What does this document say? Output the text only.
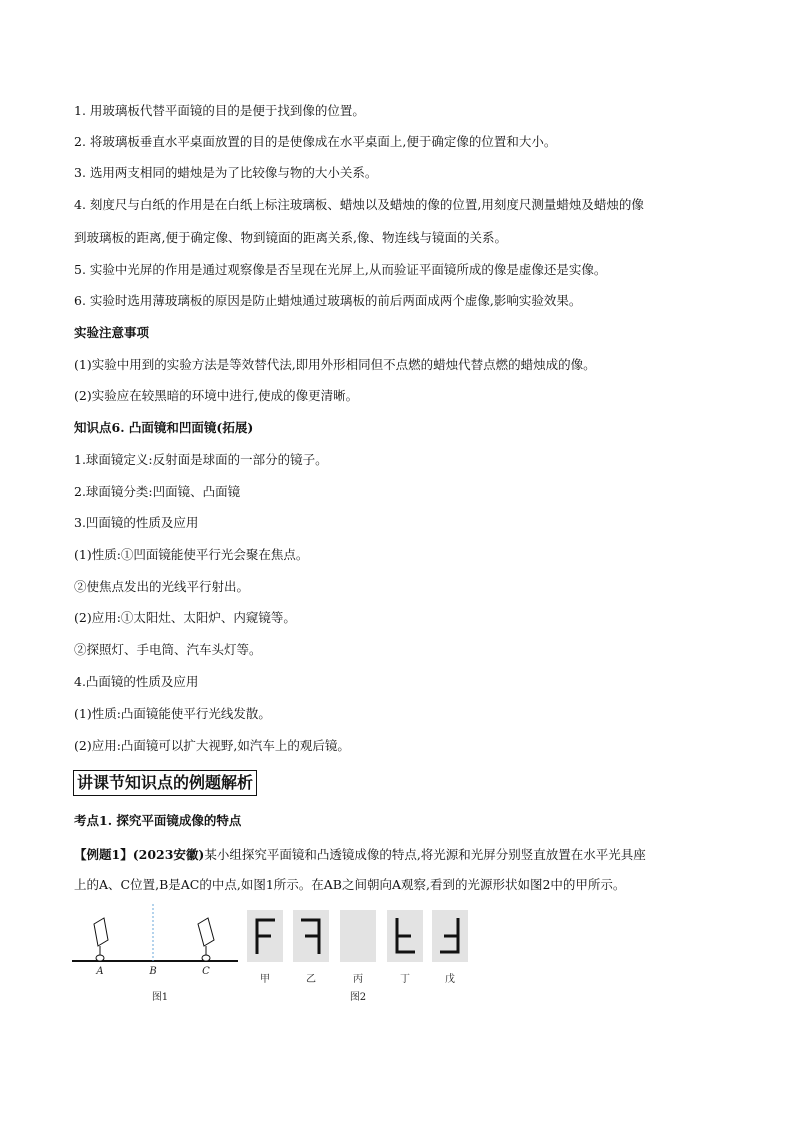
1. 用玻璃板代替平面镜的目的是便于找到像的位置。
2. 将玻璃板垂直水平桌面放置的目的是使像成在水平桌面上,便于确定像的位置和大小。
3. 选用两支相同的蜡烛是为了比较像与物的大小关系。
4. 刻度尺与白纸的作用是在白纸上标注玻璃板、蜡烛以及蜡烛的像的位置,用刻度尺测量蜡烛及蜡烛的像
到玻璃板的距离,便于确定像、物到镜面的距离关系,像、物连线与镜面的关系。
5. 实验中光屏的作用是通过观察像是否呈现在光屏上,从而验证平面镜所成的像是虚像还是实像。
6. 实验时选用薄玻璃板的原因是防止蜡烛通过玻璃板的前后两面成两个虚像,影响实验效果。
实验注意事项
(1)实验中用到的实验方法是等效替代法,即用外形相同但不点燃的蜡烛代替点燃的蜡烛成的像。
(2)实验应在较黑暗的环境中进行,使成的像更清晰。
知识点6. 凸面镜和凹面镜(拓展)
1.球面镜定义:反射面是球面的一部分的镜子。
2.球面镜分类:凹面镜、凸面镜
3.凹面镜的性质及应用
(1)性质:①凹面镜能使平行光会聚在焦点。
②使焦点发出的光线平行射出。
(2)应用:①太阳灶、太阳炉、内窥镜等。
②探照灯、手电筒、汽车头灯等。
4.凸面镜的性质及应用
(1)性质:凸面镜能使平行光线发散。
(2)应用:凸面镜可以扩大视野,如汽车上的观后镜。
讲课节知识点的例题解析
考点1. 探究平面镜成像的特点
【例题1】(2023安徽)某小组探究平面镜和凸透镜成像的特点,将光源和光屏分别竖直放置在水平光具座
上的A、C位置,B是AC的中点,如图1所示。在AB之间朝向A观察,看到的光源形状如图2中的甲所示。
A	B	C
图1
甲	乙	丙	丁	戊
图2
